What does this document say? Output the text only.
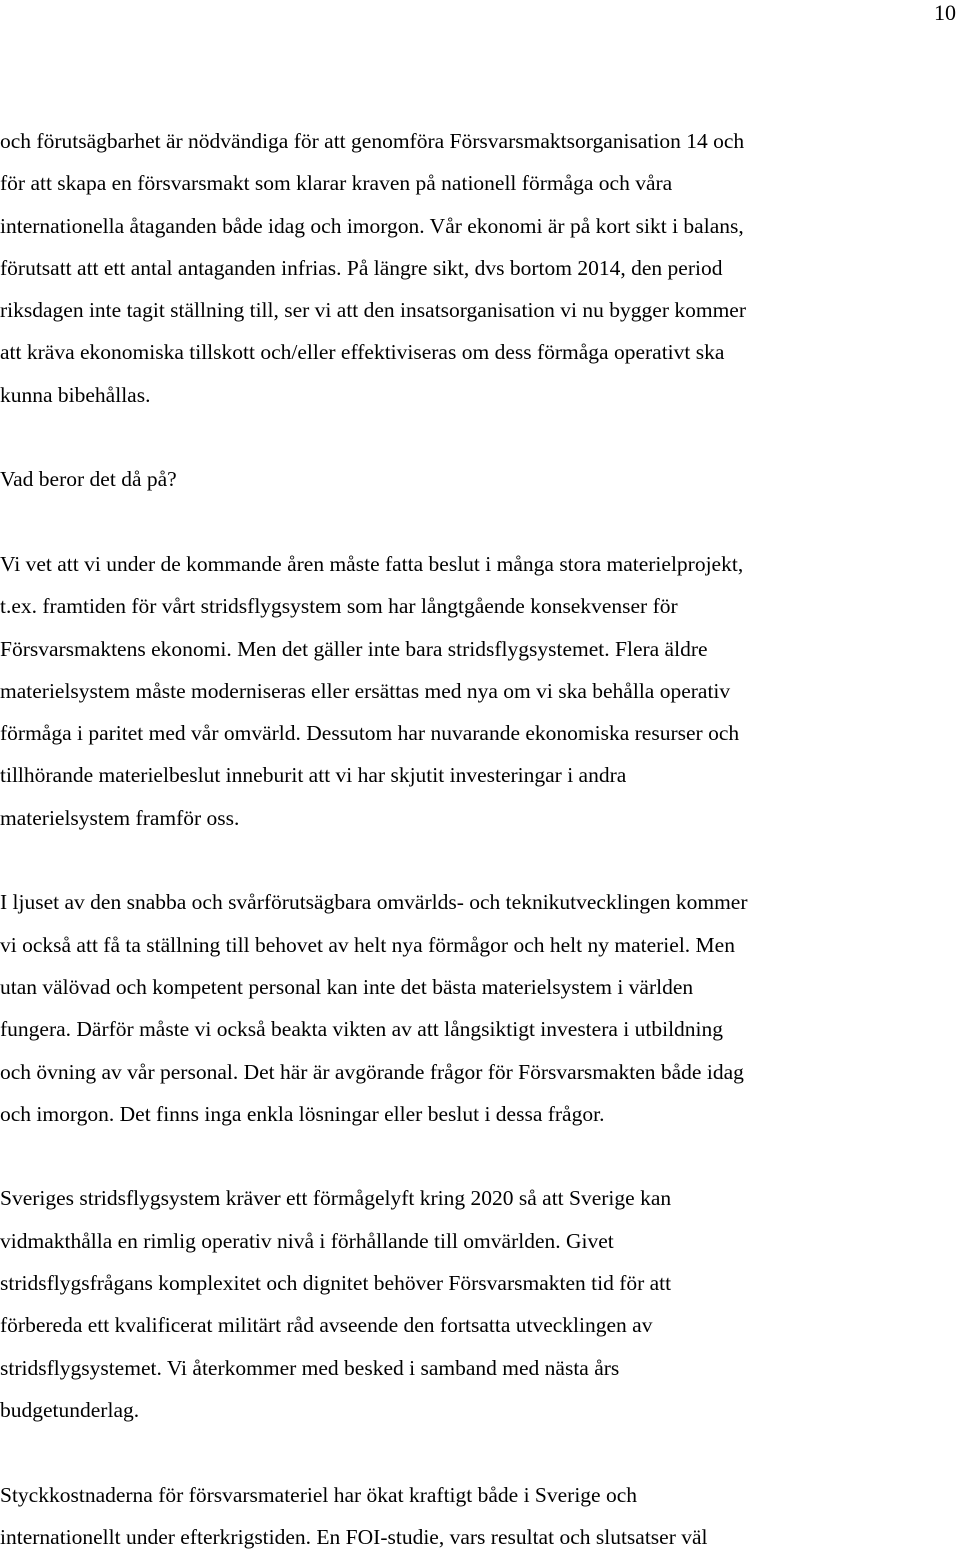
10
och förutsägbarhet är nödvändiga för att genomföra Försvarsmaktsorganisation 14 och
för att skapa en försvarsmakt som klarar kraven på nationell förmåga och våra
internationella åtaganden både idag och imorgon. Vår ekonomi är på kort sikt i balans,
förutsatt att ett antal antaganden infrias. På längre sikt, dvs bortom 2014, den period
riksdagen inte tagit ställning till, ser vi att den insatsorganisation vi nu bygger kommer
att kräva ekonomiska tillskott och/eller effektiviseras om dess förmåga operativt ska
kunna bibehållas.
Vad beror det då på?
Vi vet att vi under de kommande åren måste fatta beslut i många stora materielprojekt,
t.ex. framtiden för vårt stridsflygsystem som har långtgående konsekvenser för
Försvarsmaktens ekonomi. Men det gäller inte bara stridsflygsystemet. Flera äldre
materielsystem måste moderniseras eller ersättas med nya om vi ska behålla operativ
förmåga i paritet med vår omvärld. Dessutom har nuvarande ekonomiska resurser och
tillhörande materielbeslut inneburit att vi har skjutit investeringar i andra
materielsystem framför oss.
I ljuset av den snabba och svårförutsägbara omvärlds- och teknikutvecklingen kommer
vi också att få ta ställning till behovet av helt nya förmågor och helt ny materiel. Men
utan välövad och kompetent personal kan inte det bästa materielsystem i världen
fungera. Därför måste vi också beakta vikten av att långsiktigt investera i utbildning
och övning av vår personal. Det här är avgörande frågor för Försvarsmakten både idag
och imorgon. Det finns inga enkla lösningar eller beslut i dessa frågor.
Sveriges stridsflygsystem kräver ett förmågelyft kring 2020 så att Sverige kan
vidmakthålla en rimlig operativ nivå i förhållande till omvärlden. Givet
stridsflygsfrågans komplexitet och dignitet behöver Försvarsmakten tid för att
förbereda ett kvalificerat militärt råd avseende den fortsatta utvecklingen av
stridsflygsystemet. Vi återkommer med besked i samband med nästa års
budgetunderlag.
Styckkostnaderna för försvarsmateriel har ökat kraftigt både i Sverige och
internationellt under efterkrigstiden. En FOI-studie, vars resultat och slutsatser väl
